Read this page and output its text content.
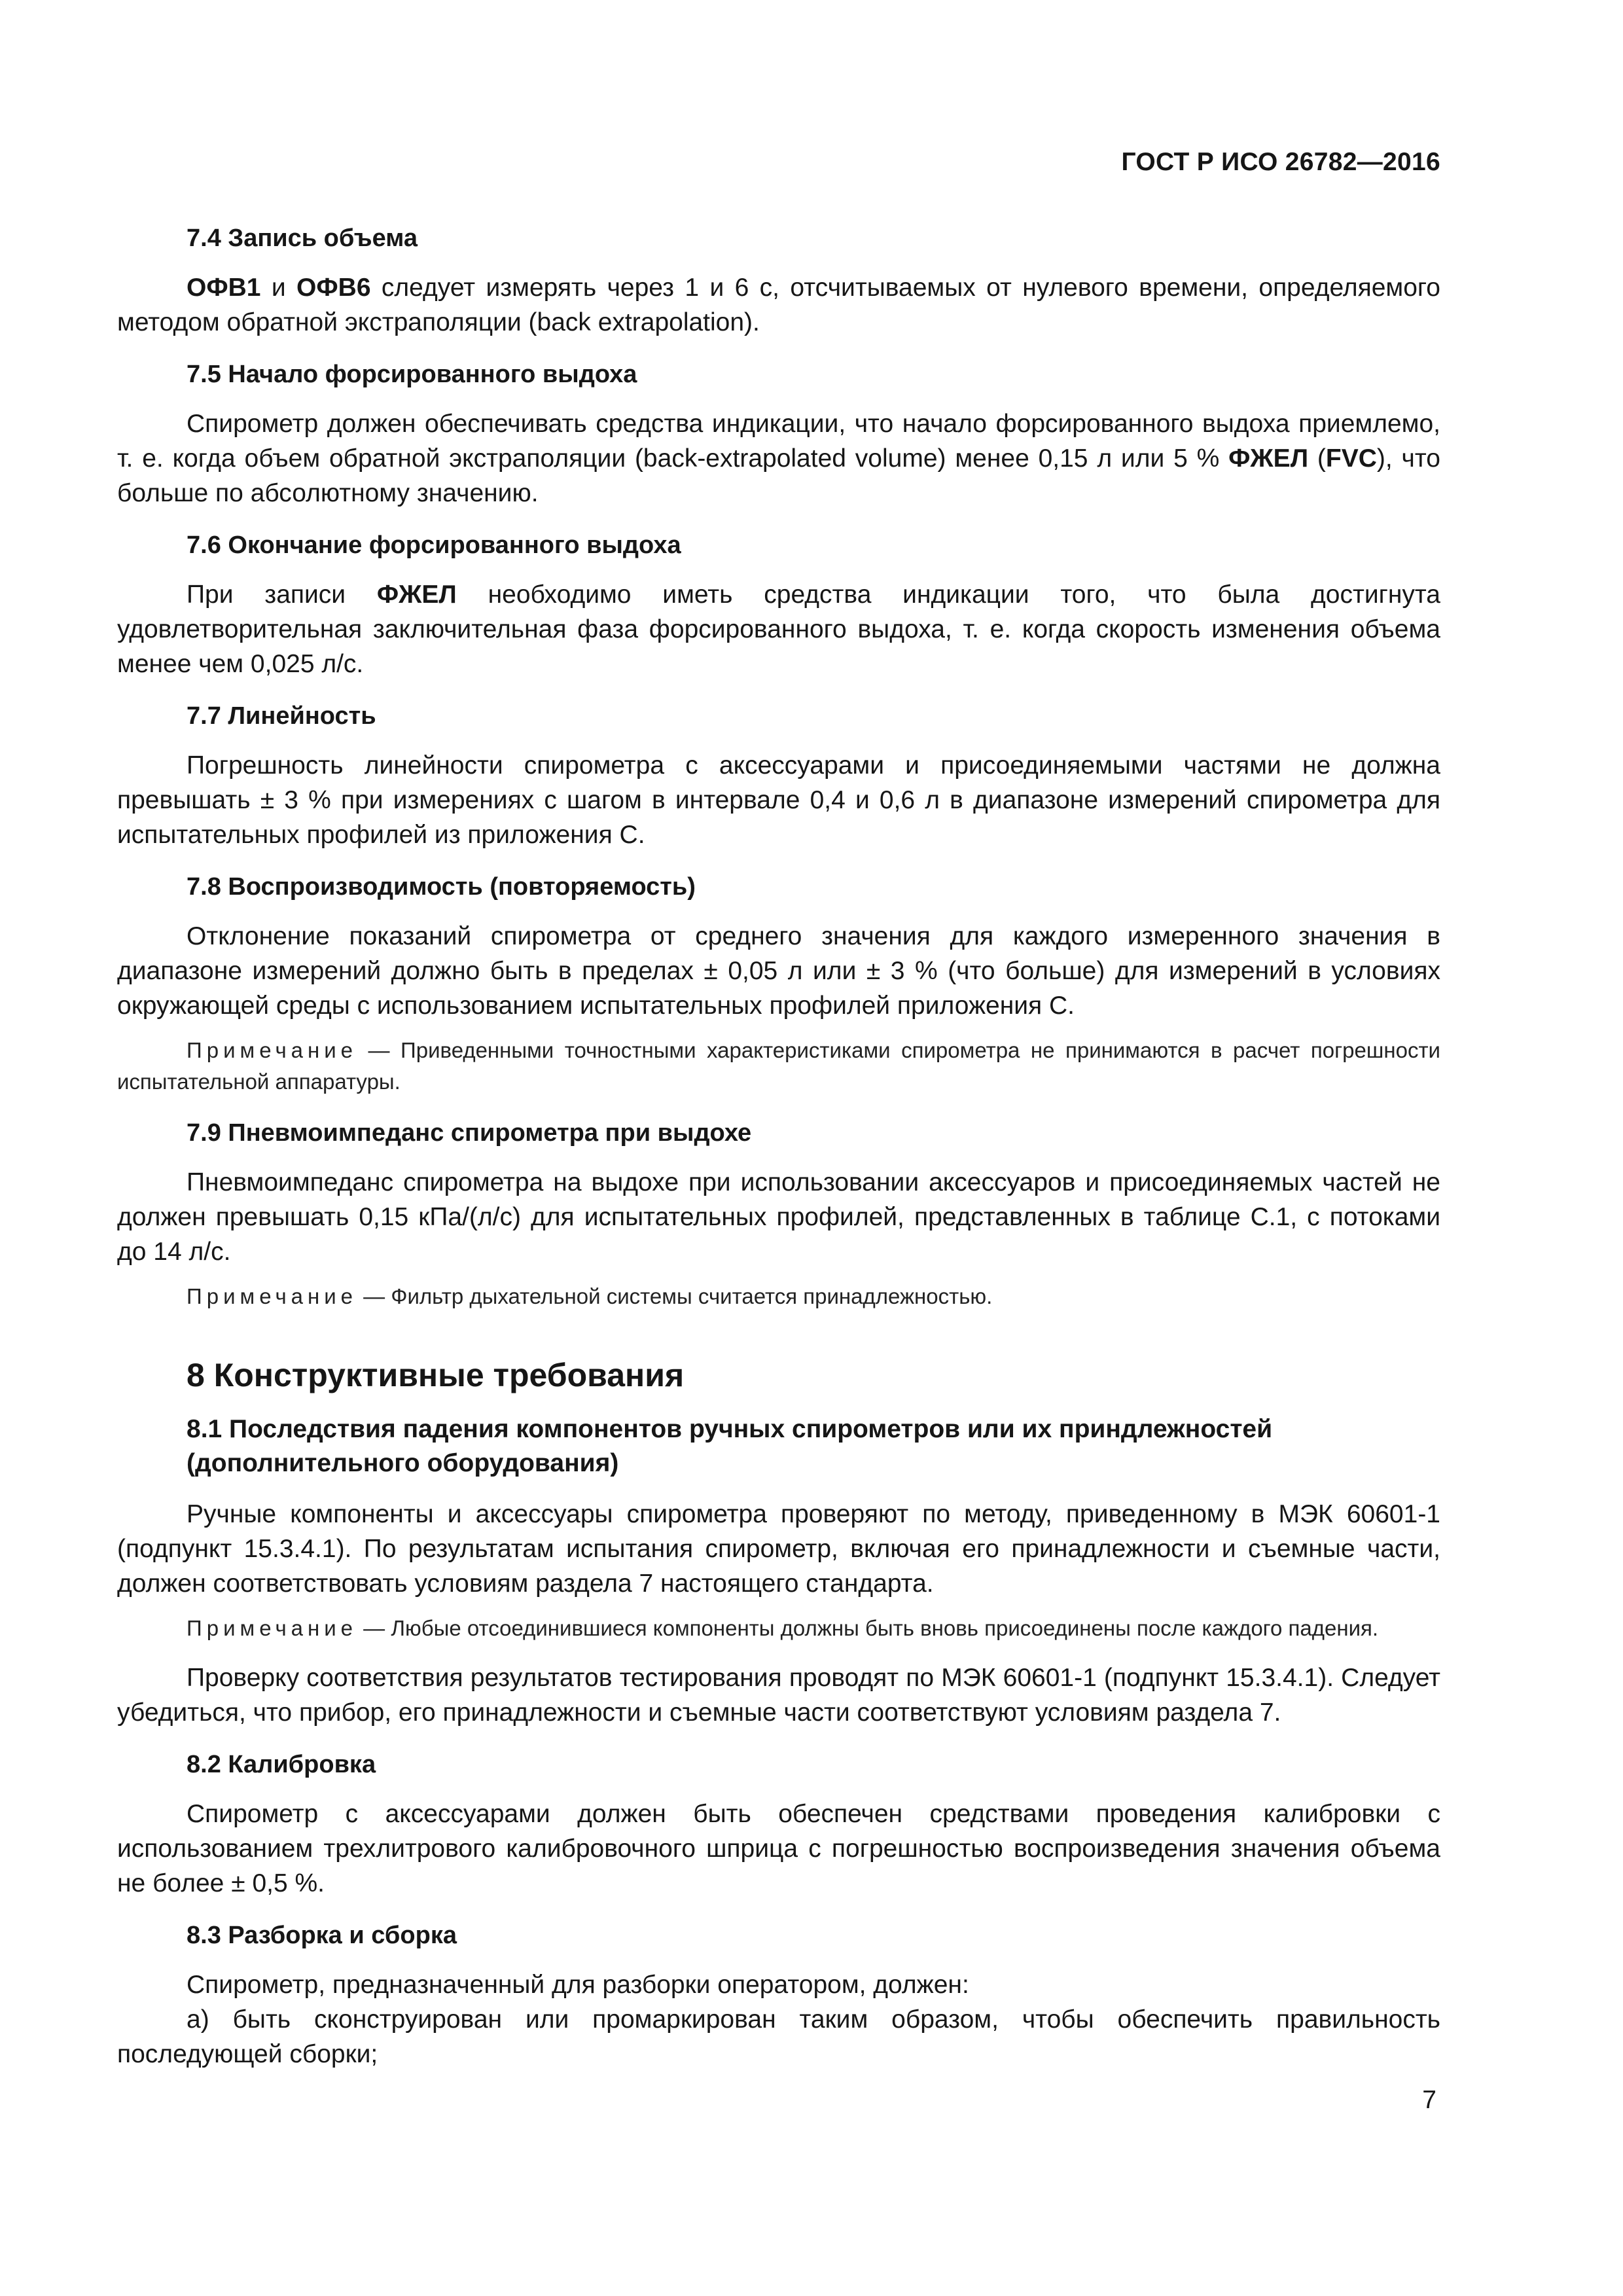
ГОСТ Р ИСО 26782—2016
7.4 Запись объема

ОФВ1 и ОФВ6 следует измерять через 1 и 6 с, отсчитываемых от нулевого времени, определяемого методом обратной экстраполяции (back extrapolation).

7.5 Начало форсированного выдоха

Спирометр должен обеспечивать средства индикации, что начало форсированного выдоха приемлемо, т. е. когда объем обратной экстраполяции (back-extrapolated volume) менее 0,15 л или 5 % ФЖЕЛ (FVC), что больше по абсолютному значению.

7.6 Окончание форсированного выдоха

При записи ФЖЕЛ необходимо иметь средства индикации того, что была достигнута удовлетворительная заключительная фаза форсированного выдоха, т. е. когда скорость изменения объема менее чем 0,025 л/с.

7.7 Линейность

Погрешность линейности спирометра с аксессуарами и присоединяемыми частями не должна превышать ± 3 % при измерениях с шагом в интервале 0,4 и 0,6 л в диапазоне измерений спирометра для испытательных профилей из приложения С.

7.8 Воспроизводимость (повторяемость)

Отклонение показаний спирометра от среднего значения для каждого измеренного значения в диапазоне измерений должно быть в пределах ± 0,05 л или ± 3 % (что больше) для измерений в условиях окружающей среды с использованием испытательных профилей приложения С.

Примечание — Приведенными точностными характеристиками спирометра не принимаются в расчет погрешности испытательной аппаратуры.

7.9 Пневмоимпеданс спирометра при выдохе

Пневмоимпеданс спирометра на выдохе при использовании аксессуаров и присоединяемых частей не должен превышать 0,15 кПа/(л/с) для испытательных профилей, представленных в таблице С.1, с потоками до 14 л/с.

Примечание — Фильтр дыхательной системы считается принадлежностью.

8 Конструктивные требования
8.1 Последствия падения компонентов ручных спирометров или их приндлежностей (дополнительного оборудования)

Ручные компоненты и аксессуары спирометра проверяют по методу, приведенному в МЭК 60601-1 (подпункт 15.3.4.1). По результатам испытания спирометр, включая его принадлежности и съемные части, должен соответствовать условиям раздела 7 настоящего стандарта.

Примечание — Любые отсоединившиеся компоненты должны быть вновь присоединены после каждого падения.

Проверку соответствия результатов тестирования проводят по МЭК 60601-1 (подпункт 15.3.4.1). Следует убедиться, что прибор, его принадлежности и съемные части соответствуют условиям раздела 7.

8.2 Калибровка

Спирометр с аксессуарами должен быть обеспечен средствами проведения калибровки с использованием трехлитрового калибровочного шприца с погрешностью воспроизведения значения объема не более ± 0,5 %.

8.3 Разборка и сборка

Спирометр, предназначенный для разборки оператором, должен:

а) быть сконструирован или промаркирован таким образом, чтобы обеспечить правильность последующей сборки;

7
